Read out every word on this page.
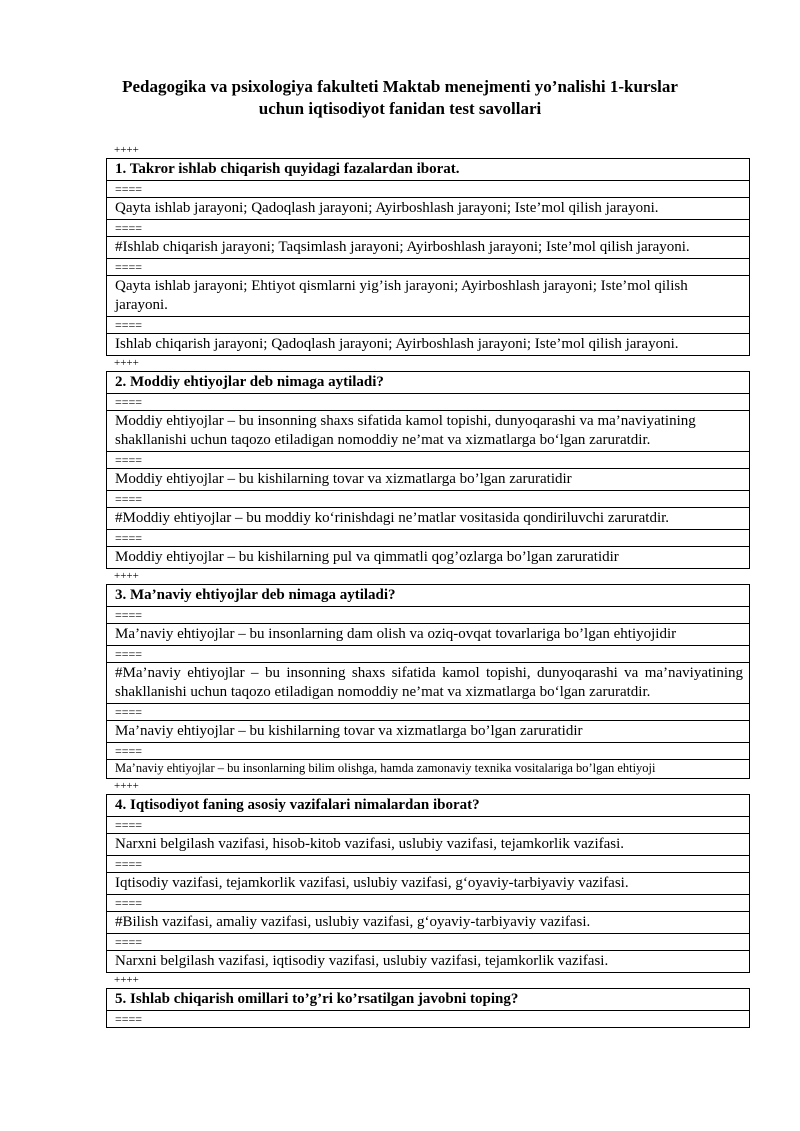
Pedagogika va psixologiya fakulteti Maktab menejmenti yo’nalishi 1-kurslar
uchun iqtisodiyot fanidan test savollari
++++
1. Takror ishlab chiqarish quyidagi fazalardan iborat.
====
Qayta ishlab jarayoni; Qadoqlash jarayoni; Ayirboshlash jarayoni; Iste’mol qilish jarayoni.
====
#Ishlab chiqarish jarayoni; Taqsimlash jarayoni; Ayirboshlash jarayoni; Iste’mol qilish jarayoni.
====
Qayta ishlab jarayoni; Ehtiyot qismlarni yig’ish jarayoni; Ayirboshlash jarayoni; Iste’mol qilish jarayoni.
====
Ishlab chiqarish jarayoni; Qadoqlash jarayoni; Ayirboshlash jarayoni; Iste’mol qilish jarayoni.
++++
2. Moddiy ehtiyojlar deb nimaga aytiladi?
====
Moddiy ehtiyojlar – bu insonning shaxs sifatida kamol topishi, dunyoqarashi va ma’naviyatining shakllanishi uchun taqozo etiladigan nomoddiy ne’mat va xizmatlarga bo‘lgan zaruratdir.
====
Moddiy ehtiyojlar – bu kishilarning tovar va xizmatlarga bo’lgan zaruratidir
====
#Moddiy ehtiyojlar – bu moddiy ko‘rinishdagi ne’matlar vositasida qondiriluvchi zaruratdir.
====
Moddiy ehtiyojlar – bu kishilarning pul va qimmatli qog’ozlarga bo’lgan zaruratidir
++++
3. Ma’naviy ehtiyojlar deb nimaga aytiladi?
====
Ma’naviy ehtiyojlar – bu insonlarning dam olish va oziq-ovqat tovarlariga bo’lgan ehtiyojidir
====
#Ma’naviy ehtiyojlar – bu insonning shaxs sifatida kamol topishi, dunyoqarashi va ma’naviyatining shakllanishi uchun taqozo etiladigan nomoddiy ne’mat va xizmatlarga bo‘lgan zaruratdir.
====
Ma’naviy ehtiyojlar – bu kishilarning tovar va xizmatlarga bo’lgan zaruratidir
====
Ma’naviy ehtiyojlar – bu insonlarning bilim olishga, hamda zamonaviy texnika vositalariga bo’lgan ehtiyoji
++++
4. Iqtisodiyot faning asosiy vazifalari nimalardan iborat?
====
Narxni belgilash vazifasi, hisob-kitob vazifasi, uslubiy vazifasi, tejamkorlik vazifasi.
====
Iqtisodiy vazifasi, tejamkorlik vazifasi, uslubiy vazifasi, g‘oyaviy-tarbiyaviy vazifasi.
====
#Bilish vazifasi, amaliy vazifasi, uslubiy vazifasi, g‘oyaviy-tarbiyaviy vazifasi.
====
Narxni belgilash vazifasi, iqtisodiy vazifasi, uslubiy vazifasi, tejamkorlik vazifasi.
++++
5. Ishlab chiqarish omillari to’g’ri ko’rsatilgan javobni toping?
====
